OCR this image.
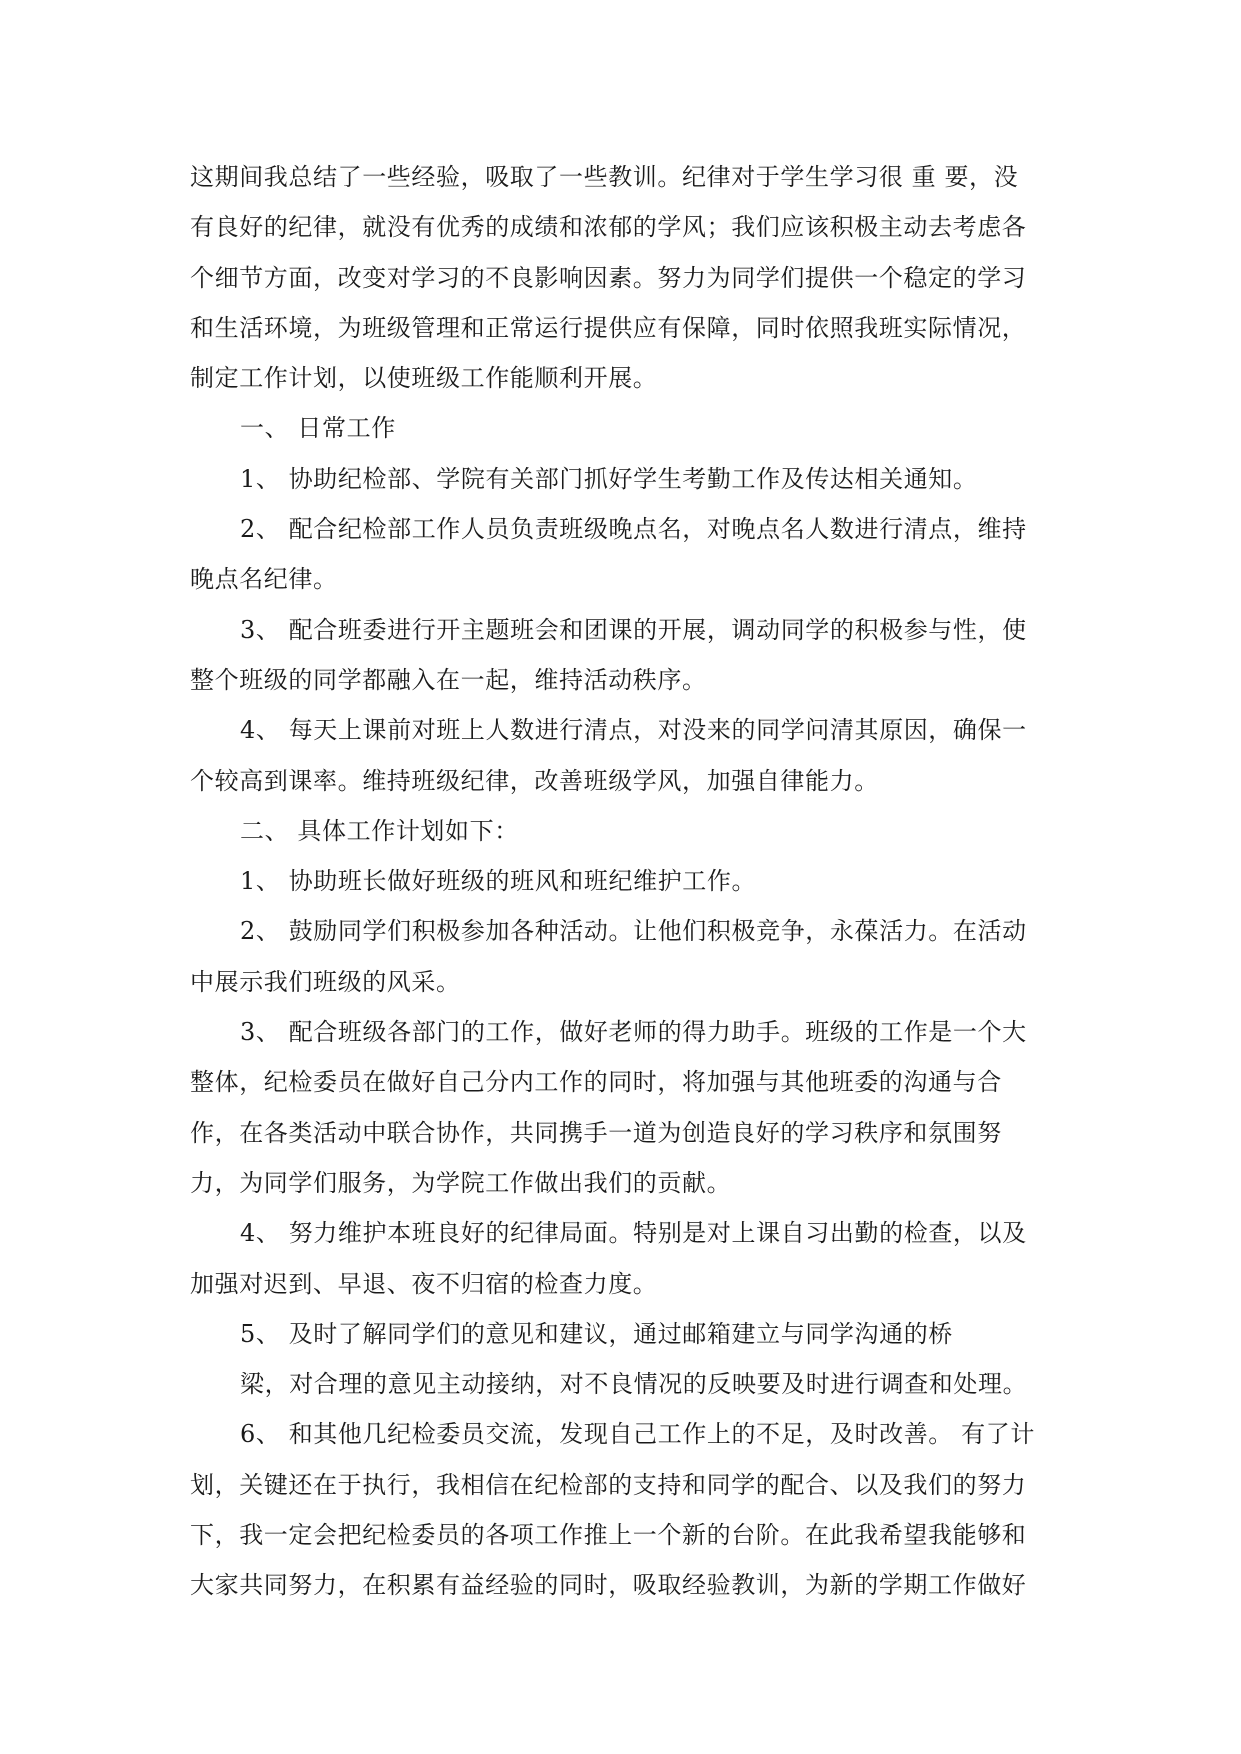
这期间我总结了一些经验，吸取了一些教训。纪律对于学生学习很 重 要，没
有良好的纪律，就没有优秀的成绩和浓郁的学风；我们应该积极主动去考虑各
个细节方面，改变对学习的不良影响因素。努力为同学们提供一个稳定的学习
和生活环境，为班级管理和正常运行提供应有保障，同时依照我班实际情况，
制定工作计划，以使班级工作能顺利开展。
一、 日常工作
1、 协助纪检部、学院有关部门抓好学生考勤工作及传达相关通知。
2、 配合纪检部工作人员负责班级晚点名，对晚点名人数进行清点，维持
晚点名纪律。
3、 配合班委进行开主题班会和团课的开展，调动同学的积极参与性，使
整个班级的同学都融入在一起，维持活动秩序。
4、 每天上课前对班上人数进行清点，对没来的同学问清其原因，确保一
个较高到课率。维持班级纪律，改善班级学风，加强自律能力。
二、 具体工作计划如下：
1、 协助班长做好班级的班风和班纪维护工作。
2、 鼓励同学们积极参加各种活动。让他们积极竞争，永葆活力。在活动
中展示我们班级的风采。
3、 配合班级各部门的工作，做好老师的得力助手。班级的工作是一个大
整体，纪检委员在做好自己分内工作的同时，将加强与其他班委的沟通与合
作，在各类活动中联合协作，共同携手一道为创造良好的学习秩序和氛围努
力，为同学们服务，为学院工作做出我们的贡献。
4、 努力维护本班良好的纪律局面。特别是对上课自习出勤的检查，以及
加强对迟到、早退、夜不归宿的检查力度。
5、 及时了解同学们的意见和建议，通过邮箱建立与同学沟通的桥
梁，对合理的意见主动接纳，对不良情况的反映要及时进行调查和处理。
6、 和其他几纪检委员交流，发现自己工作上的不足，及时改善。 有了计
划，关键还在于执行，我相信在纪检部的支持和同学的配合、以及我们的努力
下，我一定会把纪检委员的各项工作推上一个新的台阶。在此我希望我能够和
大家共同努力，在积累有益经验的同时，吸取经验教训，为新的学期工作做好
